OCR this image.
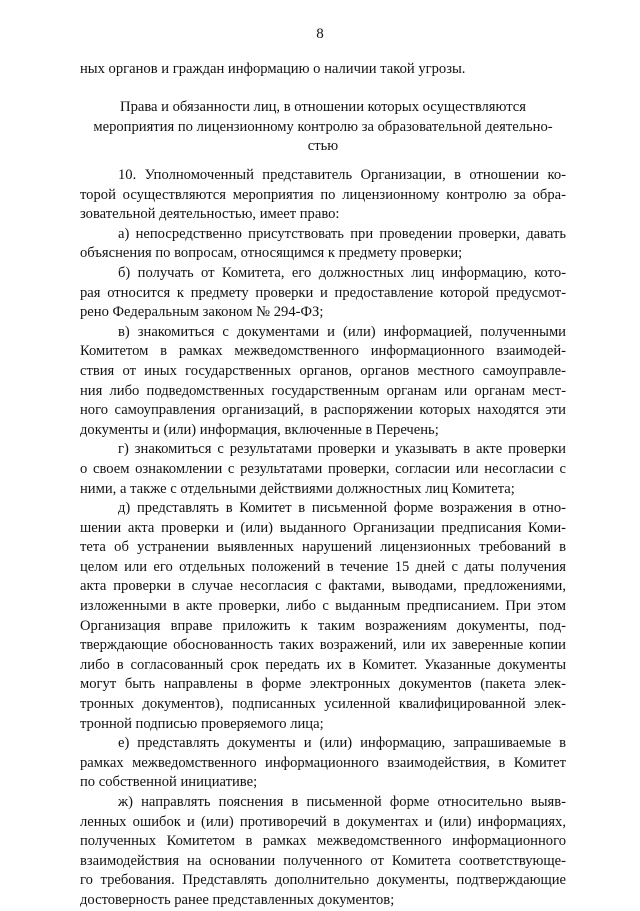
8
ных органов и граждан информацию о наличии такой угрозы.
Права и обязанности лиц, в отношении которых осуществляются
мероприятия по лицензионному контролю за образовательной деятельно-
стью
10. Уполномоченный представитель Организации, в отношении ко-
торой осуществляются мероприятия по лицензионному контролю за обра-
зовательной деятельностью, имеет право:
а) непосредственно присутствовать при проведении проверки, давать
объяснения по вопросам, относящимся к предмету проверки;
б) получать от Комитета, его должностных лиц информацию, кото-
рая относится к предмету проверки и предоставление которой предусмот-
рено Федеральным законом № 294-ФЗ;
в) знакомиться с документами и (или) информацией, полученными
Комитетом в рамках межведомственного информационного взаимодей-
ствия от иных государственных органов, органов местного самоуправле-
ния либо подведомственных государственным органам или органам мест-
ного самоуправления организаций, в распоряжении которых находятся эти
документы и (или) информация, включенные в Перечень;
г) знакомиться с результатами проверки и указывать в акте проверки
о своем ознакомлении с результатами проверки, согласии или несогласии с
ними, а также с отдельными действиями должностных лиц Комитета;
д) представлять в Комитет в письменной форме возражения в отно-
шении акта проверки и (или) выданного Организации предписания Коми-
тета об устранении выявленных нарушений лицензионных требований в
целом или его отдельных положений в течение 15 дней с даты получения
акта проверки в случае несогласия с фактами, выводами, предложениями,
изложенными в акте проверки, либо с выданным предписанием. При этом
Организация вправе приложить к таким возражениям документы, под-
тверждающие обоснованность таких возражений, или их заверенные копии
либо в согласованный срок передать их в Комитет. Указанные документы
могут быть направлены в форме электронных документов (пакета элек-
тронных документов), подписанных усиленной квалифицированной элек-
тронной подписью проверяемого лица;
е) представлять документы и (или) информацию, запрашиваемые в
рамках межведомственного информационного взаимодействия, в Комитет
по собственной инициативе;
ж) направлять пояснения в письменной форме относительно выяв-
ленных ошибок и (или) противоречий в документах и (или) информациях,
полученных Комитетом в рамках межведомственного информационного
взаимодействия на основании полученного от Комитета соответствующе-
го требования. Представлять дополнительно документы, подтверждающие
достоверность ранее представленных документов;
